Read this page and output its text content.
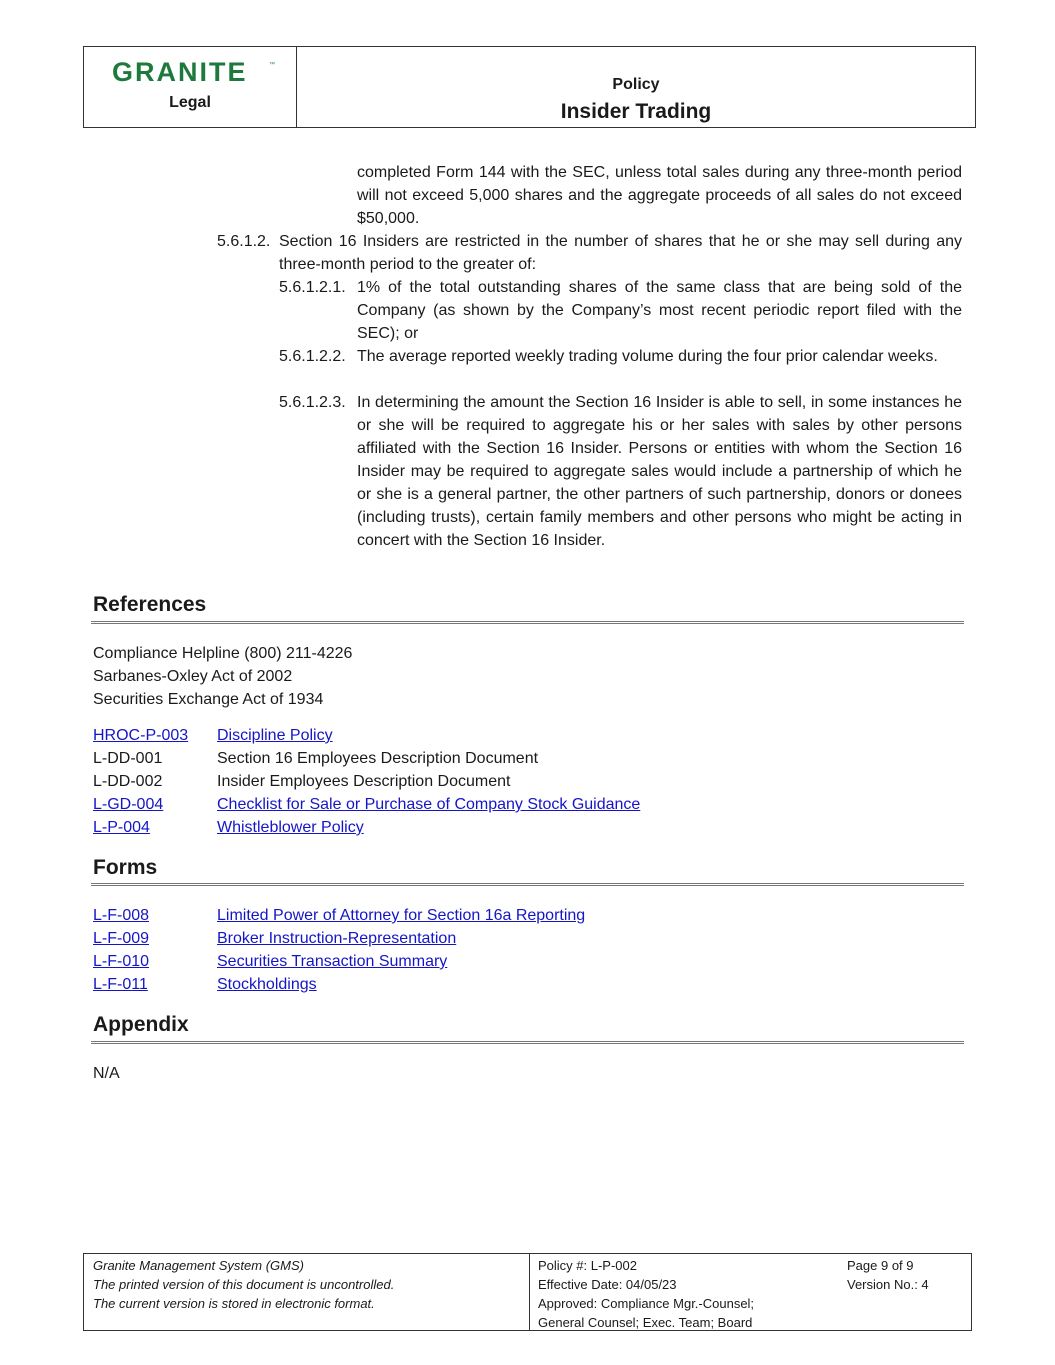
GRANITE	™
Legal
Policy
Insider Trading
completed Form 144 with the SEC, unless total sales during any three-month period will not exceed 5,000 shares and the aggregate proceeds of all sales do not exceed $50,000.
5.6.1.2. Section 16 Insiders are restricted in the number of shares that he or she may sell during any three-month period to the greater of:
5.6.1.2.1. 1% of the total outstanding shares of the same class that are being sold of the Company (as shown by the Company’s most recent periodic report filed with the SEC); or
5.6.1.2.2. The average reported weekly trading volume during the four prior calendar weeks.
5.6.1.2.3. In determining the amount the Section 16 Insider is able to sell, in some instances he or she will be required to aggregate his or her sales with sales by other persons affiliated with the Section 16 Insider. Persons or entities with whom the Section 16 Insider may be required to aggregate sales would include a partnership of which he or she is a general partner, the other partners of such partnership, donors or donees (including trusts), certain family members and other persons who might be acting in concert with the Section 16 Insider.
References
Compliance Helpline (800) 211-4226
Sarbanes-Oxley Act of 2002
Securities Exchange Act of 1934
HROC-P-003	Discipline Policy
L-DD-001	Section 16 Employees Description Document
L-DD-002	Insider Employees Description Document
L-GD-004	Checklist for Sale or Purchase of Company Stock Guidance
L-P-004	Whistleblower Policy
Forms
L-F-008	Limited Power of Attorney for Section 16a Reporting
L-F-009	Broker Instruction-Representation
L-F-010	Securities Transaction Summary
L-F-011	Stockholdings
Appendix
N/A
Granite Management System (GMS)
The printed version of this document is uncontrolled.
The current version is stored in electronic format.
Policy #: L-P-002
Effective Date: 04/05/23
Approved: Compliance Mgr.-Counsel;
General Counsel; Exec. Team; Board
Page 9 of 9
Version No.: 4
